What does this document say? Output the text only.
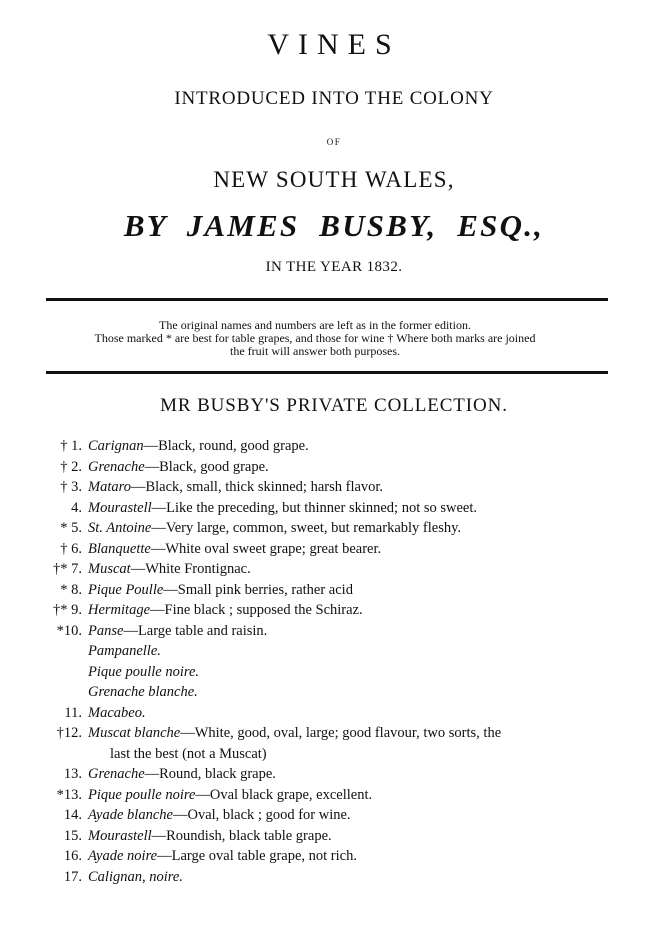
VINES
INTRODUCED INTO THE COLONY
OF
NEW SOUTH WALES,
BY JAMES BUSBY, ESQ.,
IN THE YEAR 1832.
The original names and numbers are left as in the former edition.
Those marked * are best for table grapes, and those for wine † Where both marks are joined
the fruit will answer both purposes.
MR BUSBY'S PRIVATE COLLECTION.
† 1. Carignan—Black, round, good grape.
† 2. Grenache—Black, good grape.
† 3. Mataro—Black, small, thick skinned; harsh flavor.
4. Mourastell—Like the preceding, but thinner skinned; not so sweet.
* 5. St. Antoine—Very large, common, sweet, but remarkably fleshy.
† 6. Blanquette—White oval sweet grape; great bearer.
†* 7. Muscat—White Frontignac.
* 8. Pique Poulle—Small pink berries, rather acid
†* 9. Hermitage—Fine black ; supposed the Schiraz.
*10. Panse—Large table and raisin.
Pampanelle.
Pique poulle noire.
Grenache blanche.
11. Macabeo.
†12. Muscat blanche—White, good, oval, large; good flavour, two sorts, the
last the best (not a Muscat)
13. Grenache—Round, black grape.
*13. Pique poulle noire—Oval black grape, excellent.
14. Ayade blanche—Oval, black ; good for wine.
15. Mourastell—Roundish, black table grape.
16. Ayade noire—Large oval table grape, not rich.
17. Calignan, noire.
